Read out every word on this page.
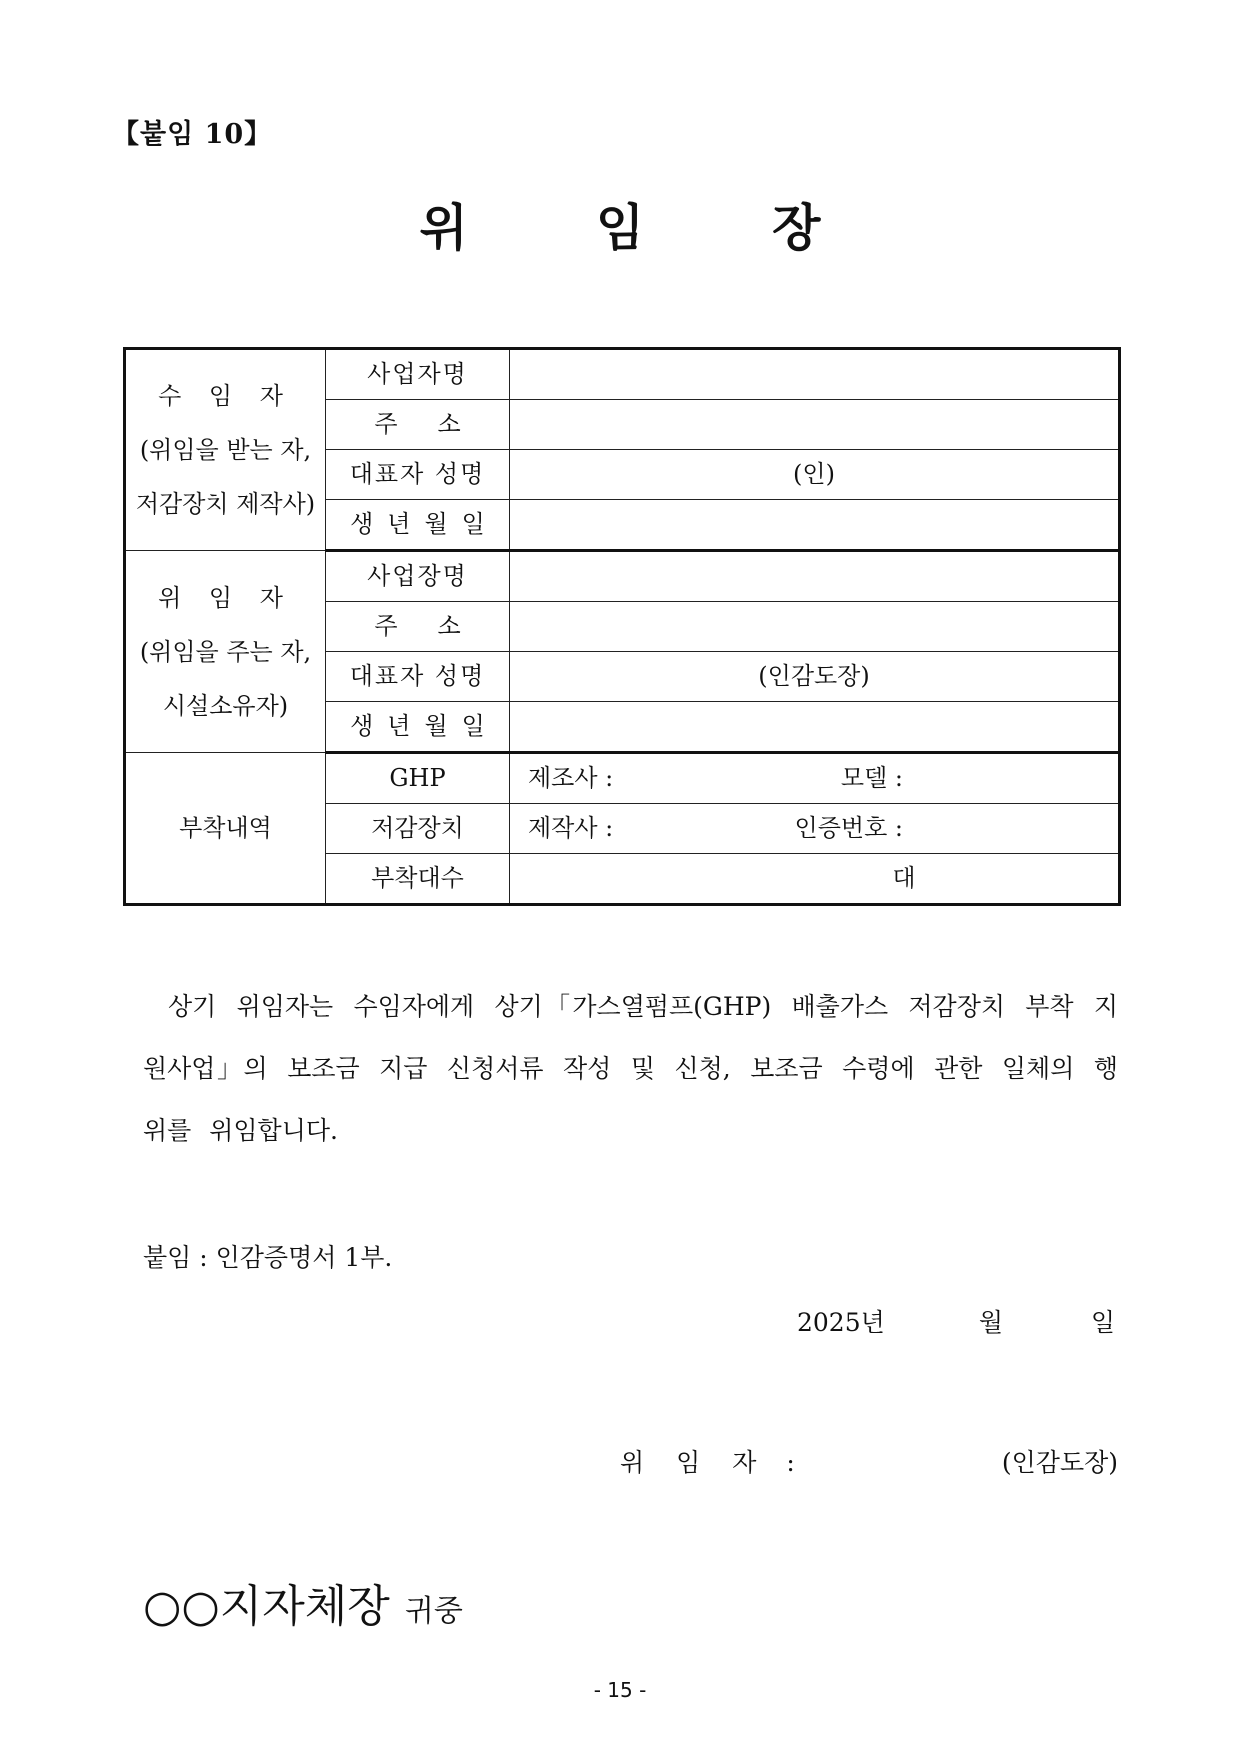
【붙임 10】
위임장
수 임 자
(위임을 받는 자,
저감장치 제작사)	사업자명	
	주소	
	대표자 성명	(인)
	생년월일	

위 임 자
(위임을 주는 자,
시설소유자)	사업장명	
	주소	
	대표자 성명	(인감도장)
	생년월일	
부착내역	GHP	제조사 : 모델 :

	저감장치	제작사 : 인증번호 :

	부착대수	대

상기 위임자는 수임자에게 상기「가스열펌프(GHP) 배출가스 저감장치 부착 지원사업」의 보조금 지급 신청서류 작성 및 신청, 보조금 수령에 관한 일체의 행위를 위임합니다.

붙임 : 인감증명서 1부.
2025년	월	일
위 임 자 :	(인감도장)
○○지자체장 귀중
- 15 -
